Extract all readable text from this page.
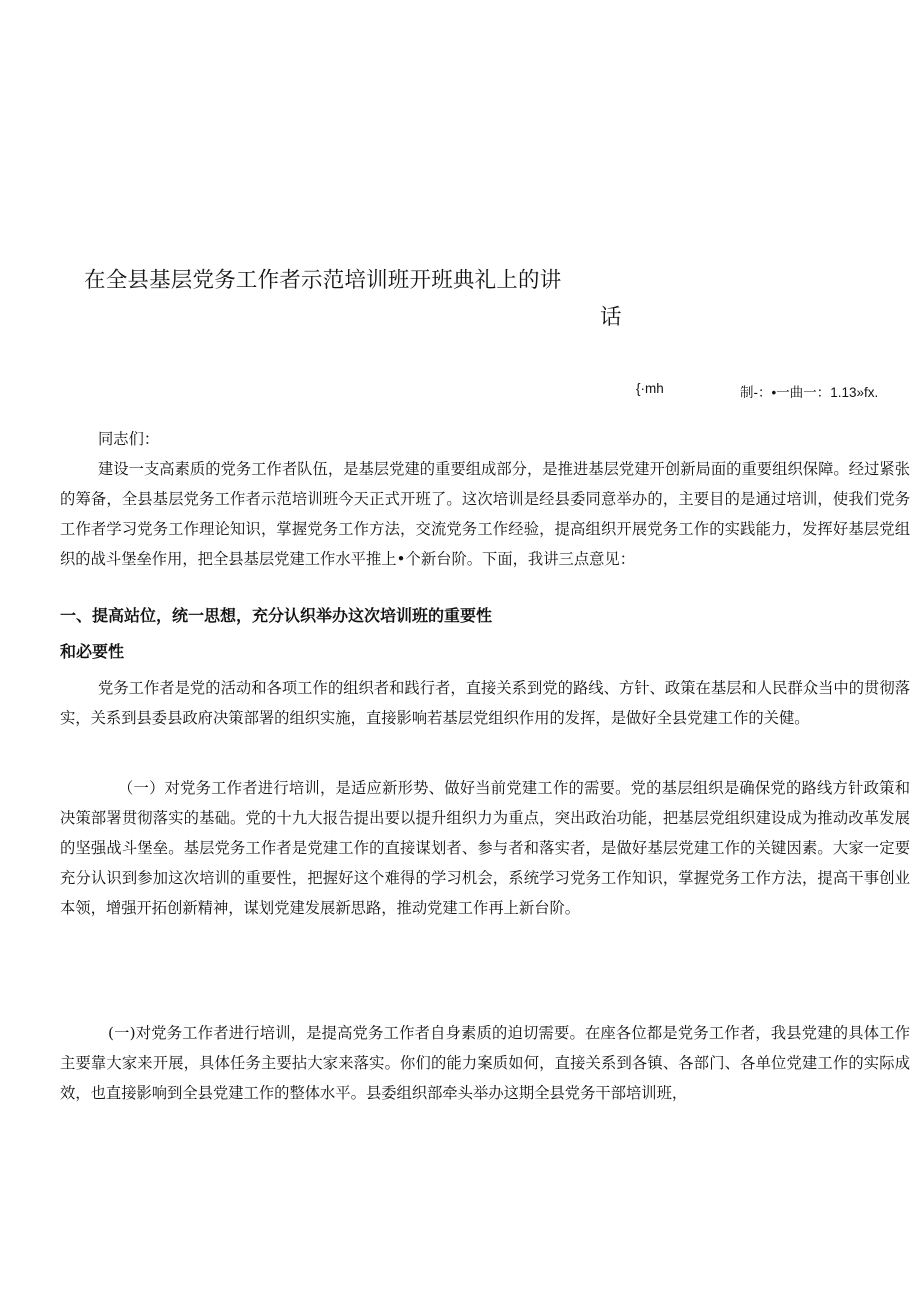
在全县基层党务工作者示范培训班开班典礼上的讲
话
{·mh	制-：•一曲一：1.13»fx.
同志们：
建设一支高素质的党务工作者队伍，是基层党建的重要组成部分，是推进基层党建开创新局面的重要组织保障。经过紧张的筹备，全县基层党务工作者示范培训班今天正式开班了。这次培训是经县委同意举办的，主要目的是通过培训，使我们党务工作者学习党务工作理论知识，掌握党务工作方法，交流党务工作经验，提高组织开展党务工作的实践能力，发挥好基层党组织的战斗堡垒作用，把全县基层党建工作水平推上•个新台阶。下面，我讲三点意见：
一、提高站位，统一思想，充分认织举办这次培训班的重要性
和必要性
党务工作者是党的活动和各项工作的组织者和践行者，直接关系到党的路线、方针、政策在基层和人民群众当中的贯彻落实，关系到县委县政府决策部署的组织实施，直接影响若基层党组织作用的发挥，是做好全县党建工作的关健。
（一）对党务工作者进行培训，是适应新形势、做好当前党建工作的需要。党的基层组织是确保党的路线方针政策和决策部署贯彻落实的基础。党的十九大报告提出要以提升组织力为重点，突出政治功能，把基层党组织建设成为推动改革发展的坚强战斗堡垒。基层党务工作者是党建工作的直接谋划者、参与者和落实者，是做好基层党建工作的关键因素。大家一定要充分认识到参加这次培训的重要性，把握好这个难得的学习机会，系统学习党务工作知识，掌握党务工作方法，提高干事创业本领，增强开拓创新精神，谋划党建发展新思路，推动党建工作再上新台阶。
(一)对党务工作者进行培训，是提高党务工作者自身素质的迫切需要。在座各位都是党务工作者，我县党建的具体工作主要靠大家来开展，具体任务主要拈大家来落实。你们的能力案质如何，直接关系到各镇、各部门、各单位党建工作的实际成效，也直接影响到全县党建工作的整体水平。县委组织部牵头举办这期全县党务干部培训班，
